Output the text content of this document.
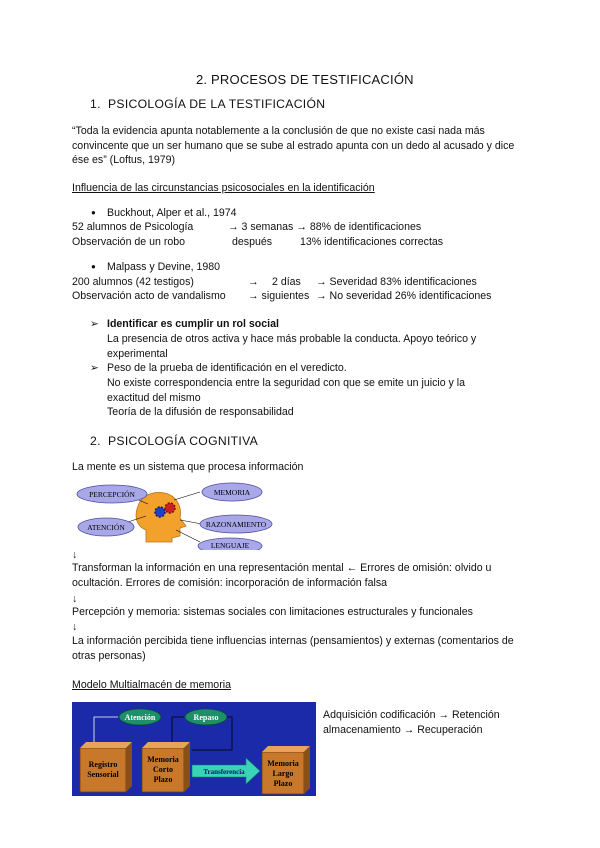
2. PROCESOS DE TESTIFICACIÓN
1. PSICOLOGÍA DE LA TESTIFICACIÓN
“Toda la evidencia apunta notablemente a la conclusión de que no existe casi nada más convincente que un ser humano que se sube al estrado apunta con un dedo al acusado y dice ése es” (Loftus, 1979)
Influencia de las circunstancias psicosociales en la identificación
● Buckhout, Alper et al., 1974
52 alumnos de Psicología	→ 3 semanas → 88% de identificaciones
Observación de un robo	después	13% identificaciones correctas
● Malpass y Devine, 1980
200 alumnos (42 testigos)	→ 2 días → Severidad 83% identificaciones
Observación acto de vandalismo → siguientes → No severidad 26% identificaciones
➢ Identificar es cumplir un rol social
La presencia de otros activa y hace más probable la conducta. Apoyo teórico y experimental
➢ Peso de la prueba de identificación en el veredicto.
No existe correspondencia entre la seguridad con que se emite un juicio y la exactitud del mismo
Teoría de la difusión de responsabilidad
2. PSICOLOGÍA COGNITIVA
La mente es un sistema que procesa información
PERCEPCIÓN
ATENCIÓN
MEMORIA
RAZONAMIENTO
LENGUAJE
↓
Transforman la información en una representación mental ← Errores de omisión: olvido u ocultación. Errores de comisión: incorporación de información falsa
↓
Percepción y memoria: sistemas sociales con limitaciones estructurales y funcionales
↓
La información percibida tiene influencias internas (pensamientos) y externas (comentarios de otras personas)
Modelo Multialmacén de memoria
Atención	Repaso
Registro
Sensorial
Memoria
Corto
Plazo
Transferencia
Memoria
Largo
Plazo
Adquisición codificación → Retención almacenamiento → Recuperación
